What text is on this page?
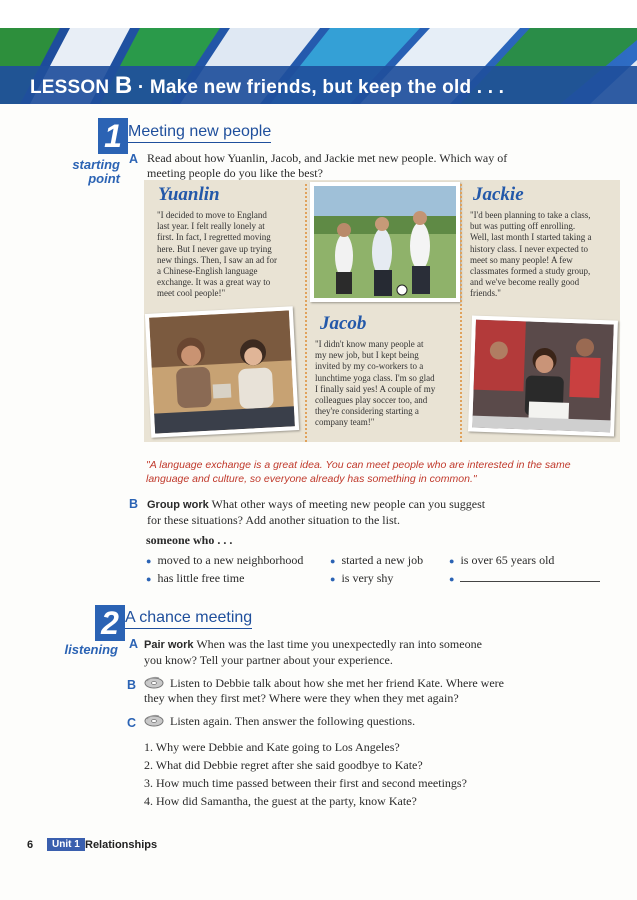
LESSON B · Make new friends, but keep the old . . .
1 Meeting new people
starting
point
A Read about how Yuanlin, Jacob, and Jackie met new people. Which way of
meeting people do you like the best?
Yuanlin
"I decided to move to England
last year. I felt really lonely at
first. In fact, I regretted moving
here. But I never gave up trying
new things. Then, I saw an ad for
a Chinese-English language
exchange. It was a great way to
meet cool people!"
Jackie
"I'd been planning to take a class,
but was putting off enrolling.
Well, last month I started taking a
history class. I never expected to
meet so many people! A few
classmates formed a study group,
and we've become really good
friends."
Jacob
"I didn't know many people at
my new job, but I kept being
invited by my co-workers to a
lunchtime yoga class. I'm so glad
I finally said yes! A couple of my
colleagues play soccer too, and
they're considering starting a
company team!"
"A language exchange is a great idea. You can meet people who are interested in the same
language and culture, so everyone already has something in common."
B Group work What other ways of meeting new people can you suggest
for these situations? Add another situation to the list.
someone who . . .
● moved to a new neighborhood	● started a new job	● is over 65 years old
● has little free time	● is very shy	●
2 A chance meeting
listening A Pair work When was the last time you unexpectedly ran into someone
you know? Tell your partner about your experience.
B	Listen to Debbie talk about how she met her friend Kate. Where were
they when they first met? Where were they when they met again?
C	Listen again. Then answer the following questions.
1. Why were Debbie and Kate going to Los Angeles?
2. What did Debbie regret after she said goodbye to Kate?
3. How much time passed between their first and second meetings?
4. How did Samantha, the guest at the party, know Kate?
6	Unit 1 Relationships
